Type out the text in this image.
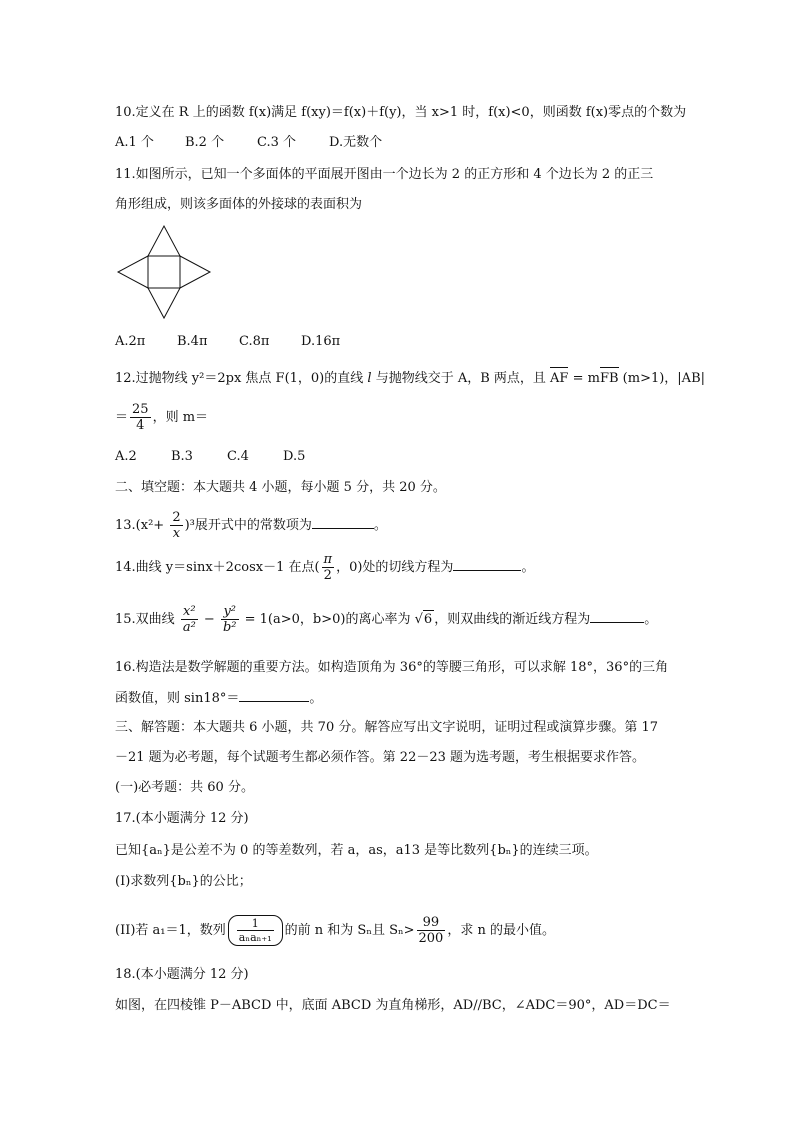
10.定义在 R 上的函数 f(x)满足 f(xy)＝f(x)＋f(y)，当 x>1 时，f(x)<0，则函数 f(x)零点的个数为
A.1 个 B.2 个	C.3 个	D.无数个
11.如图所示，已知一个多面体的平面展开图由一个边长为 2 的正方形和 4 个边长为 2 的正三
角形组成，则该多面体的外接球的表面积为
A.2π B.4π C.8π D.16π
12.过抛物线 y²＝2px 焦点 F(1，0)的直线 l 与抛物线交于 A，B 两点，且 AF = mFB (m>1)，|AB|
＝ $\frac{25}{4}$ ，则 m＝
A.2	B.3	C.4	D.5
二、填空题：本大题共 4 小题，每小题 5 分，共 20 分。
$13.(x^2+ \frac{2}{x} )^3$展开式中的常数项为	。
14.曲线 y＝sinx＋2cosx－1 在点( $\frac{\pi}{2}$ ，0)处的切线方程为	。
15.双曲线 $\frac{\text{x²}}{\text{a²}} - \frac{\text{y²}}{\text{b²}} = 1(a>0$，b>0)的离心率为 √6 ，则双曲线的渐近线方程为	。
16.构造法是数学解题的重要方法。如构造顶角为 36°的等腰三角形，可以求解 18°，36°的三角
函数值，则 sin18°＝	。
三、解答题：本大题共 6 小题，共 70 分。解答应写出文字说明，证明过程或演算步骤。第 17
－21 题为必考题，每个试题考生都必须作答。第 22－23 题为选考题，考生根据要求作答。
(一)必考题：共 60 分。
17.(本小题满分 12 分)
已知{aₙ}是公差不为 0 的等差数列，若 a，as，a13 是等比数列{bₙ}的连续三项。
(I)求数列{bₙ}的公比；
(II)若 a₁＝1，数列 $\frac{1}{\text{aₙaₙ₊₁}}$ 的前 n 和为 Sₙ且 $S_n> \frac{99}{200}$ ，求 n 的最小值。
18.(本小题满分 12 分)
如图，在四棱锥 P－ABCD 中，底面 ABCD 为直角梯形，AD//BC，∠ADC＝90°，AD＝DC＝
